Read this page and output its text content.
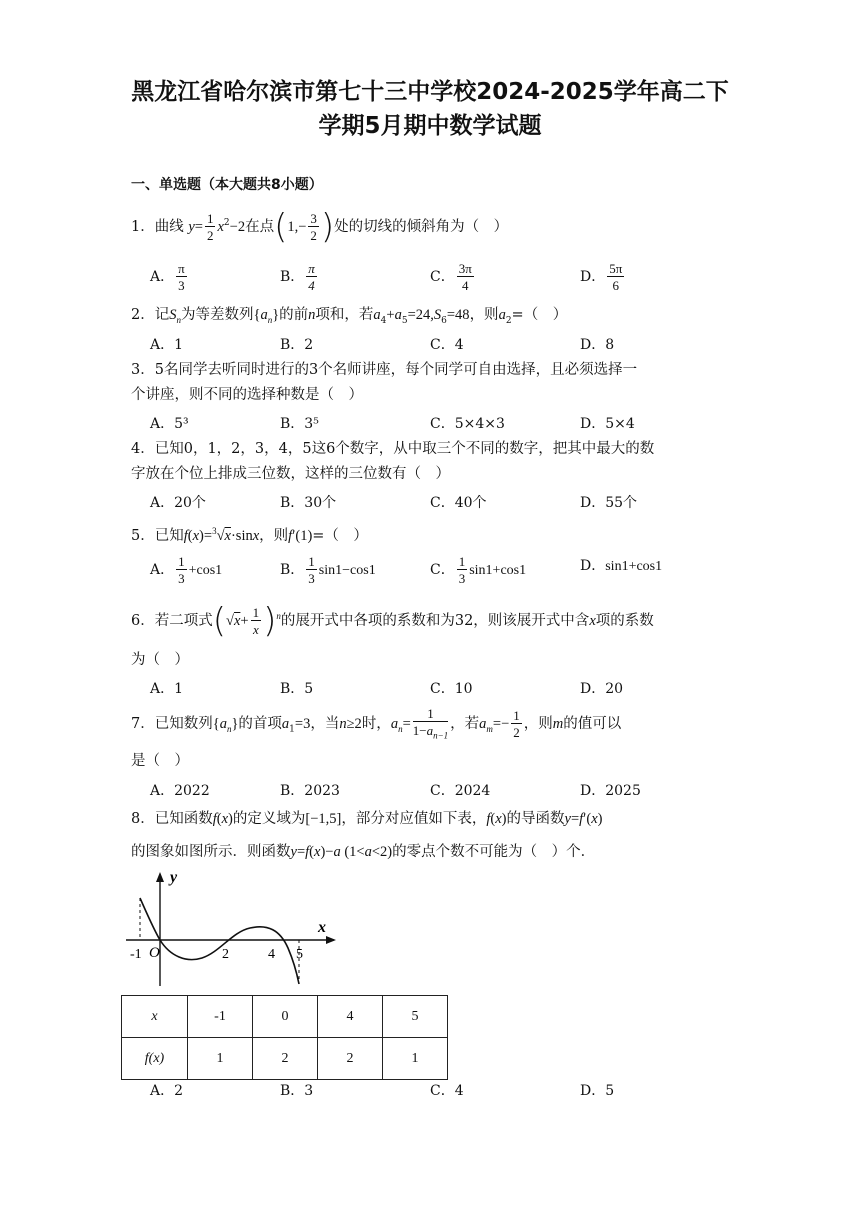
黑龙江省哈尔滨市第七十三中学校2024-2025学年高二下
学期5月期中数学试题
一、单选题（本大题共8小题）
1．曲线 $y= \frac{1}{2} x^2-2$在点($1,- \frac{3}{2}$ )处的切线的倾斜角为（　）
A． $\frac{\pi}{3}$	B． $\frac{\pi}{4}$	C． $\frac{3\pi}{4}$	D． $\frac{5\pi}{6}$
2．记$S_n$为等差数列$\{a_n\}$的前n项和，若$a_4+a_5=24,S_6=48$，则$a_2=$（　）
A．1	B．2	C．4	D．8
3．5名同学去听同时进行的3个名师讲座，每个同学可自由选择，且必须选择一
个讲座，则不同的选择种数是（　）
A．5³	B．3⁵	C．5×4×3	D．5×4
4．已知0，1，2，3，4，5这6个数字，从中取三个不同的数字，把其中最大的数
字放在个位上排成三位数，这样的三位数有（　）
A．20个	B．30个	C．40个	D．55个
5．已知f(x)=$^3$√x·sinx，则f′(1)=（　）
A． $\frac{1}{3} +\cos 1$	B． $\frac{1}{3} \sin 1-\cos 1$	C． $\frac{1}{3} \sin 1+\cos 1$	D．sin1+cos1
6．若二项式$(√x+ \frac{1}{x} )^n$的展开式中各项的系数和为32，则该展开式中含x项的系数
为（　）
A．1	B．5	C．10	D．20
7．已知数列$\{a_n\}$的首项$a_1=3$，当n≥2时，$a_n= \frac{1}{1-a_{n-1}}$ ，若$a_m=- \frac{1}{2}$ ，则m的值可以
是（　）
A．2022	B．2023	C．2024	D．2025
8．已知函数f(x)的定义域为[−1,5]，部分对应值如下表，f(x)的导函数y=f′(x)
的图象如图所示．则函数y=f(x)−a (1<a<2)的零点个数不可能为（　）个．
y
x
O
-1	2	4 5
x	-1	0	4	5
f(x)	1	2	2	1
A．2	B．3	C．4	D．5
